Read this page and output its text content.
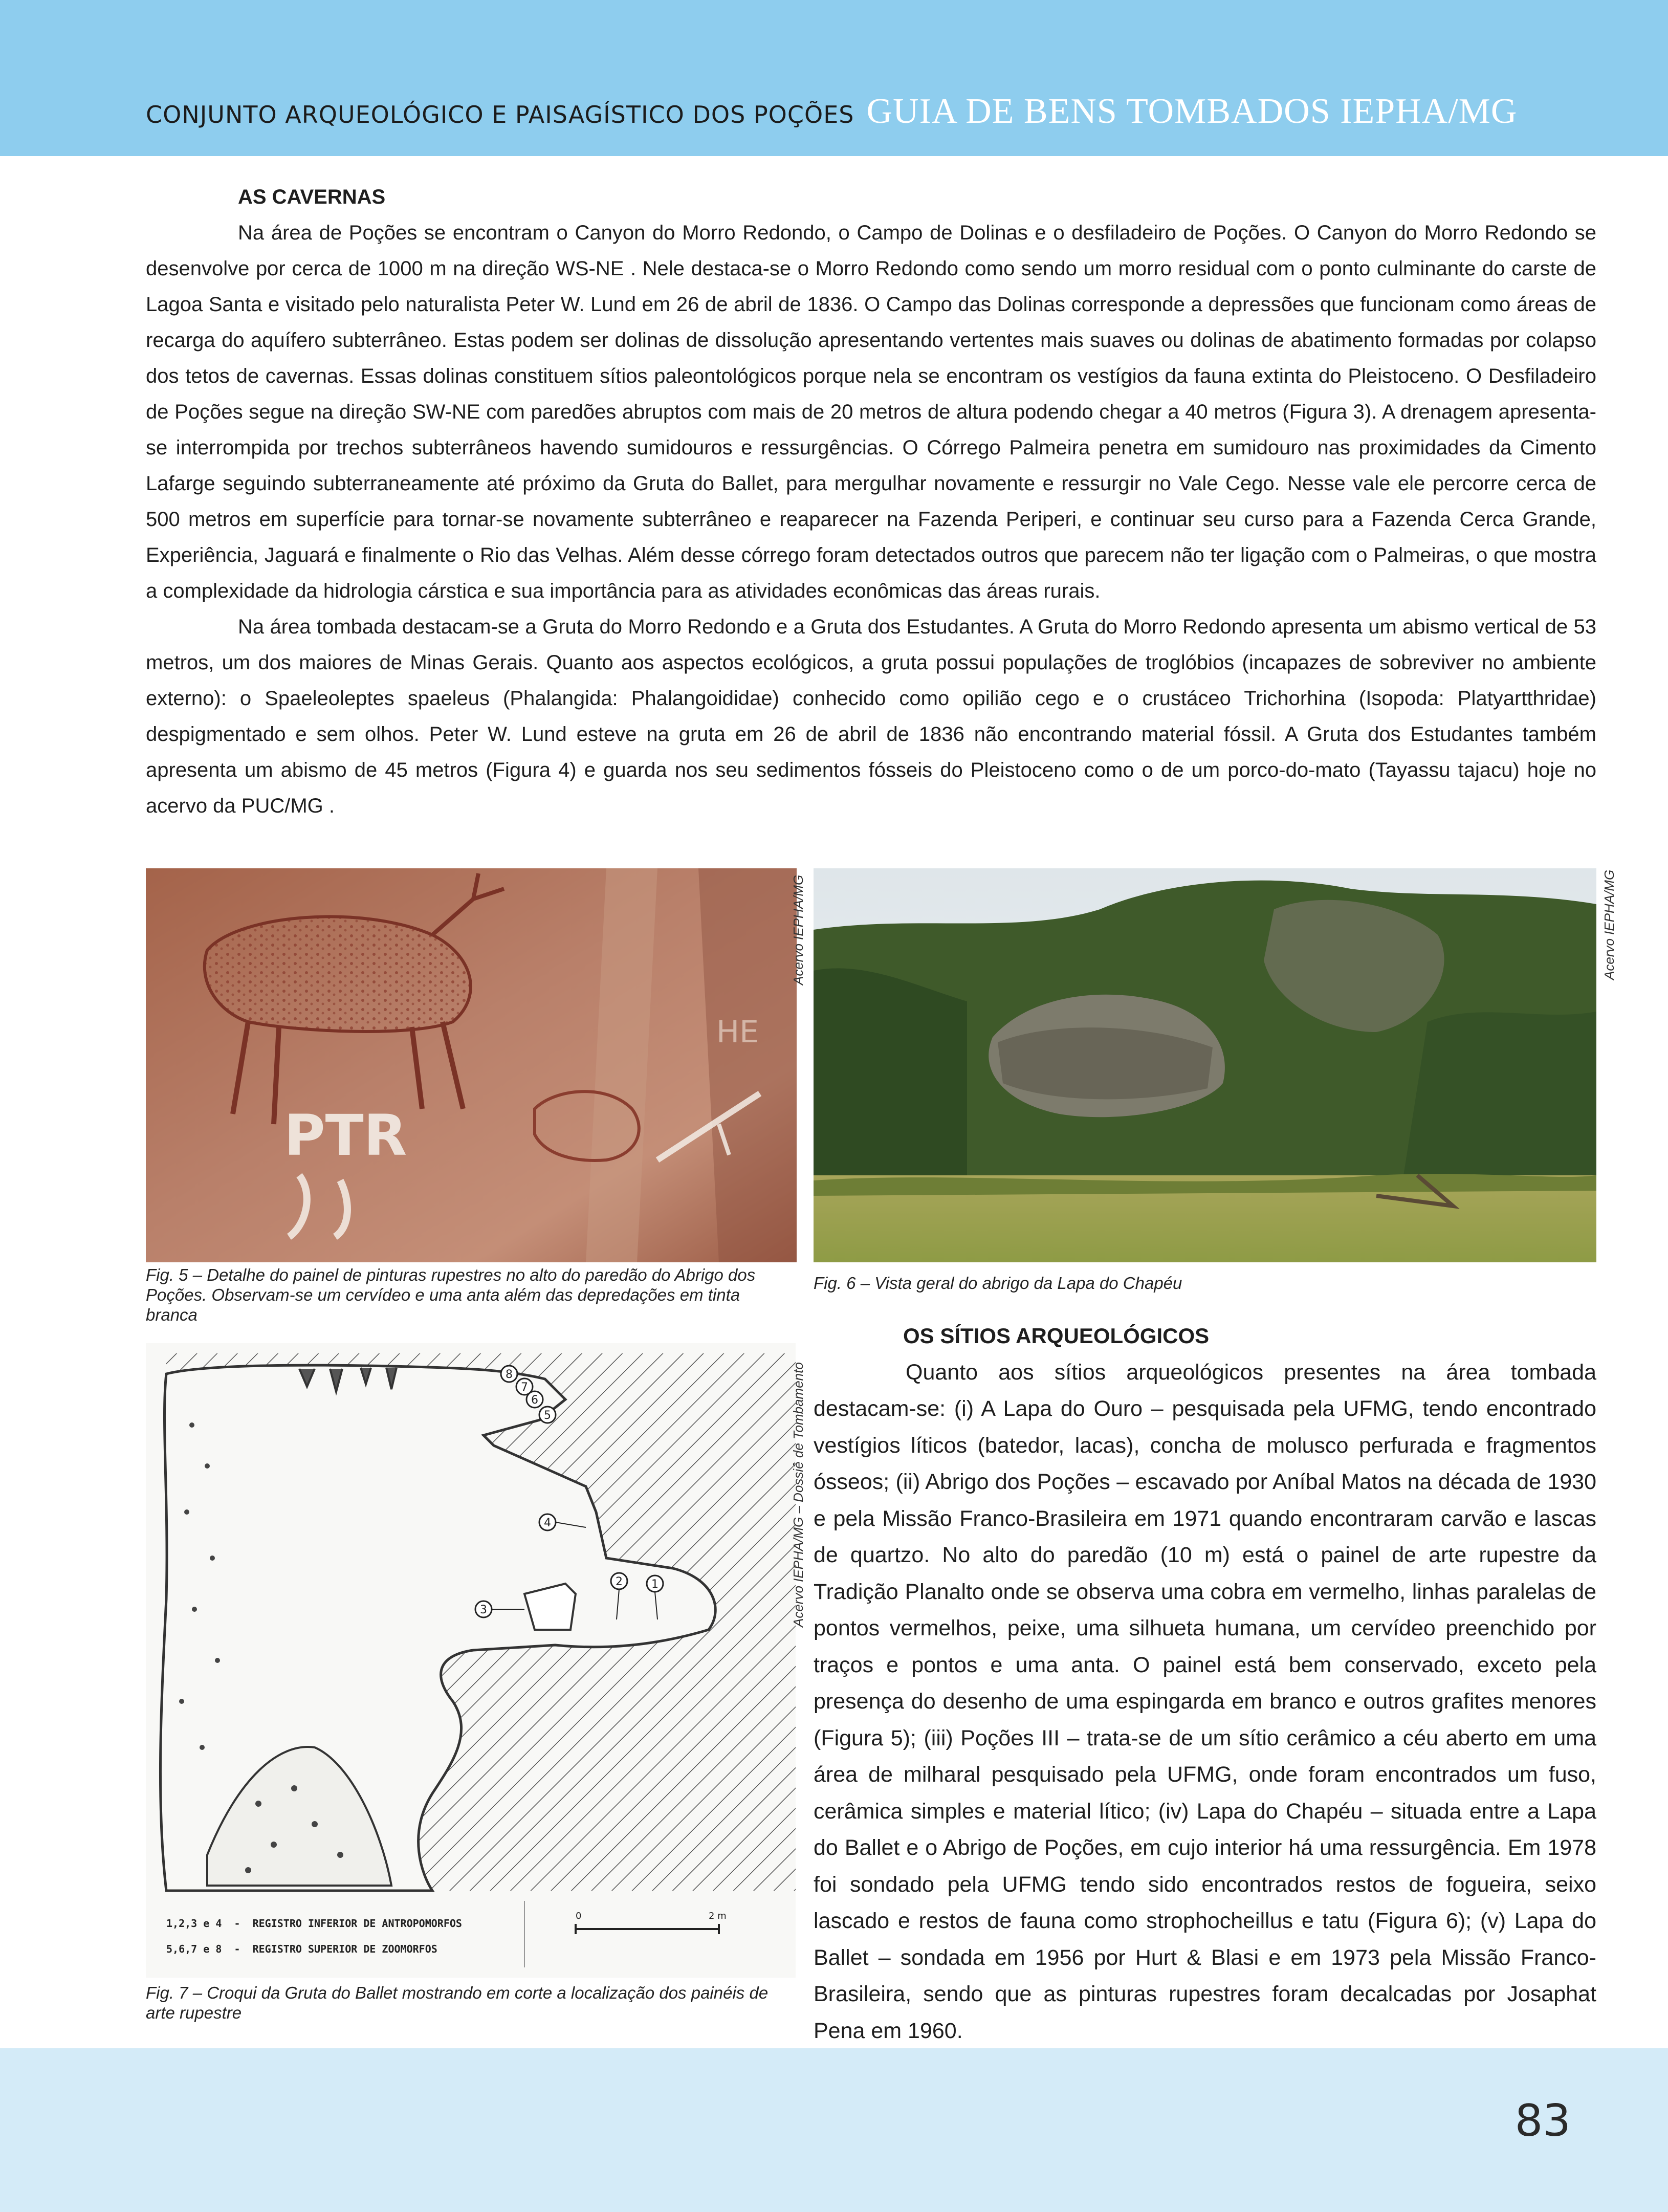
CONJUNTO ARQUEOLÓGICO E PAISAGÍSTICO DOS POÇÕES GUIA DE BENS TOMBADOS IEPHA/MG

AS CAVERNAS

Na área de Poções se encontram o Canyon do Morro Redondo, o Campo de Dolinas e o desfiladeiro de Poções. O Canyon do Morro Redondo se desenvolve por cerca de 1000 m na direção WS-NE . Nele destaca-se o Morro Redondo como sendo um morro residual com o ponto culminante do carste de Lagoa Santa e visitado pelo naturalista Peter W. Lund em 26 de abril de 1836. O Campo das Dolinas corresponde a depressões que funcionam como áreas de recarga do aquífero subterrâneo. Estas podem ser dolinas de dissolução apresentando vertentes mais suaves ou dolinas de abatimento formadas por colapso dos tetos de cavernas. Essas dolinas constituem sítios paleontológicos porque nela se encontram os vestígios da fauna extinta do Pleistoceno. O Desfiladeiro de Poções segue na direção SW-NE com paredões abruptos com mais de 20 metros de altura podendo chegar a 40 metros (Figura 3). A drenagem apresenta-se interrompida por trechos subterrâneos havendo sumidouros e ressurgências. O Córrego Palmeira penetra em sumidouro nas proximidades da Cimento Lafarge seguindo subterraneamente até próximo da Gruta do Ballet, para mergulhar novamente e ressurgir no Vale Cego. Nesse vale ele percorre cerca de 500 metros em superfície para tornar-se novamente subterrâneo e reaparecer na Fazenda Periperi, e continuar seu curso para a Fazenda Cerca Grande, Experiência, Jaguará e finalmente o Rio das Velhas. Além desse córrego foram detectados outros que parecem não ter ligação com o Palmeiras, o que mostra a complexidade da hidrologia cárstica e sua importância para as atividades econômicas das áreas rurais.

Na área tombada destacam-se a Gruta do Morro Redondo e a Gruta dos Estudantes. A Gruta do Morro Redondo apresenta um abismo vertical de 53 metros, um dos maiores de Minas Gerais. Quanto aos aspectos ecológicos, a gruta possui populações de troglóbios (incapazes de sobreviver no ambiente externo): o Spaeleoleptes spaeleus (Phalangida: Phalangoididae) conhecido como opilião cego e o crustáceo Trichorhina (Isopoda: Platyartthridae) despigmentado e sem olhos. Peter W. Lund esteve na gruta em 26 de abril de 1836 não encontrando material fóssil. A Gruta dos Estudantes também apresenta um abismo de 45 metros (Figura 4) e guarda nos seu sedimentos fósseis do Pleistoceno como o de um porco-do-mato (Tayassu tajacu) hoje no acervo da PUC/MG .

PTR
HE
Acervo IEPHA/MG
Fig. 5 – Detalhe do painel de pinturas rupestres no alto do paredão do Abrigo dos Poções. Observam-se um cervídeo e uma anta além das depredações em tinta branca
Acervo IEPHA/MG
Fig. 6 – Vista geral do abrigo da Lapa do Chapéu
1
2
3
4
5
6
7
8
0	2 m
1,2,3 e 4  -  REGISTRO INFERIOR DE ANTROPOMORFOS
5,6,7 e 8  -  REGISTRO SUPERIOR DE ZOOMORFOS
Acervo IEPHA/MG – Dossiê de Tombamento
Fig. 7 – Croqui da Gruta do Ballet mostrando em corte a localização dos painéis de arte rupestre

OS SÍTIOS ARQUEOLÓGICOS

Quanto aos sítios arqueológicos presentes na área tombada destacam-se: (i) A Lapa do Ouro – pesquisada pela UFMG, tendo encontrado vestígios líticos (batedor, lacas), concha de molusco perfurada e fragmentos ósseos; (ii) Abrigo dos Poções – escavado por Aníbal Matos na década de 1930 e pela Missão Franco-Brasileira em 1971 quando encontraram carvão e lascas de quartzo. No alto do paredão (10 m) está o painel de arte rupestre da Tradição Planalto onde se observa uma cobra em vermelho, linhas paralelas de pontos vermelhos, peixe, uma silhueta humana, um cervídeo preenchido por traços e pontos e uma anta. O painel está bem conservado, exceto pela presença do desenho de uma espingarda em branco e outros grafites menores (Figura 5); (iii) Poções III – trata-se de um sítio cerâmico a céu aberto em uma área de milharal pesquisado pela UFMG, onde foram encontrados um fuso, cerâmica simples e material lítico; (iv) Lapa do Chapéu – situada entre a Lapa do Ballet e o Abrigo de Poções, em cujo interior há uma ressurgência. Em 1978 foi sondado pela UFMG tendo sido encontrados restos de fogueira, seixo lascado e restos de fauna como strophocheillus e tatu (Figura 6); (v) Lapa do Ballet – sondada em 1956 por Hurt & Blasi e em 1973 pela Missão Franco-Brasileira, sendo que as pinturas rupestres foram decalcadas por Josaphat Pena em 1960.

83
